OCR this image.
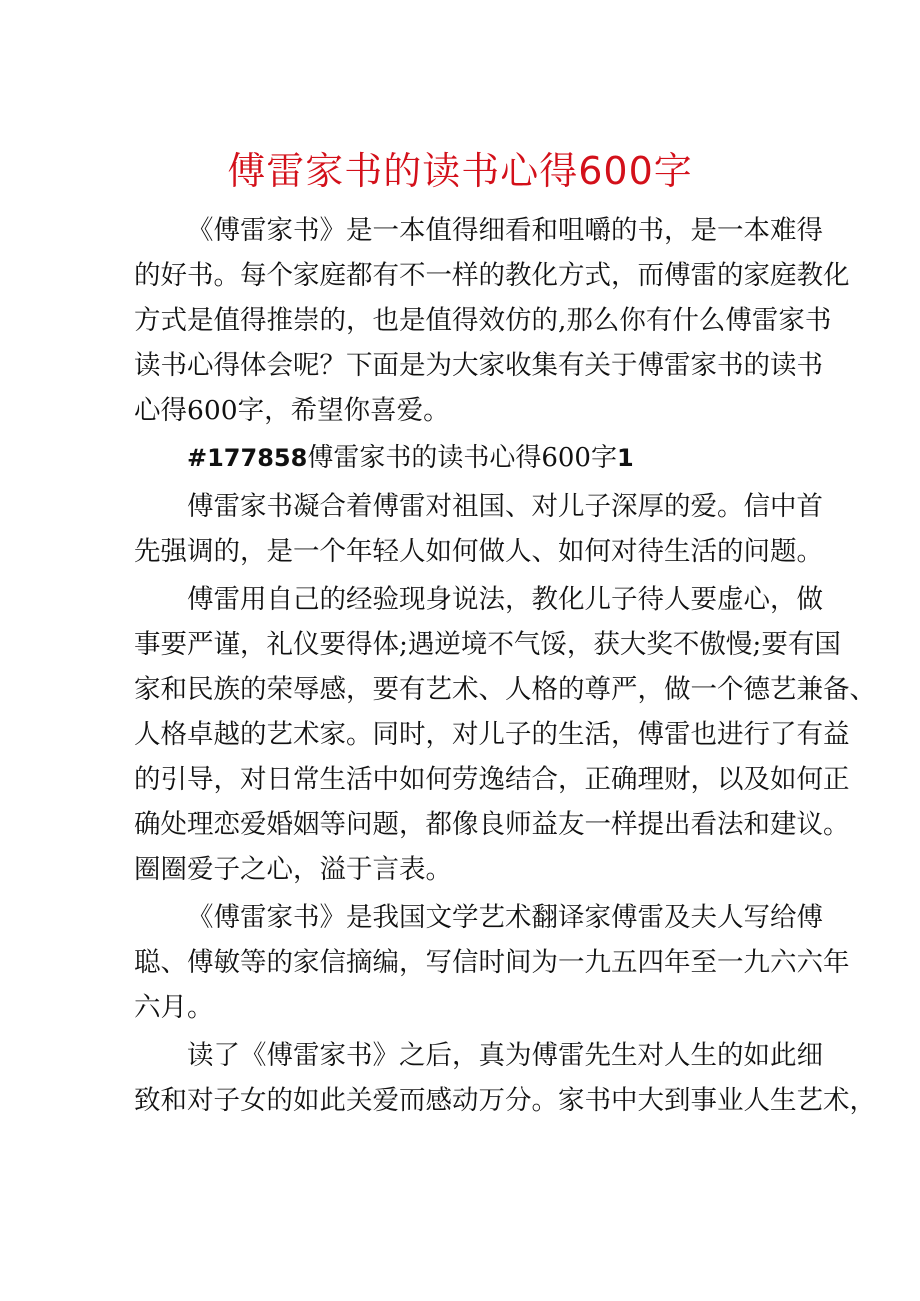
傅雷家书的读书心得600字
《傅雷家书》是一本值得细看和咀嚼的书，是一本难得
的好书。每个家庭都有不一样的教化方式，而傅雷的家庭教化
方式是值得推崇的，也是值得效仿的,那么你有什么傅雷家书
读书心得体会呢？下面是为大家收集有关于傅雷家书的读书
心得600字，希望你喜爱。
#177858傅雷家书的读书心得600字1
傅雷家书凝合着傅雷对祖国、对儿子深厚的爱。信中首
先强调的，是一个年轻人如何做人、如何对待生活的问题。
傅雷用自己的经验现身说法，教化儿子待人要虚心，做
事要严谨，礼仪要得体;遇逆境不气馁，获大奖不傲慢;要有国
家和民族的荣辱感，要有艺术、人格的尊严，做一个德艺兼备、
人格卓越的艺术家。同时，对儿子的生活，傅雷也进行了有益
的引导，对日常生活中如何劳逸结合，正确理财，以及如何正
确处理恋爱婚姻等问题，都像良师益友一样提出看法和建议。
圈圈爱子之心，溢于言表。
《傅雷家书》是我国文学艺术翻译家傅雷及夫人写给傅
聪、傅敏等的家信摘编，写信时间为一九五四年至一九六六年
六月。
读了《傅雷家书》之后，真为傅雷先生对人生的如此细
致和对子女的如此关爱而感动万分。家书中大到事业人生艺术，
